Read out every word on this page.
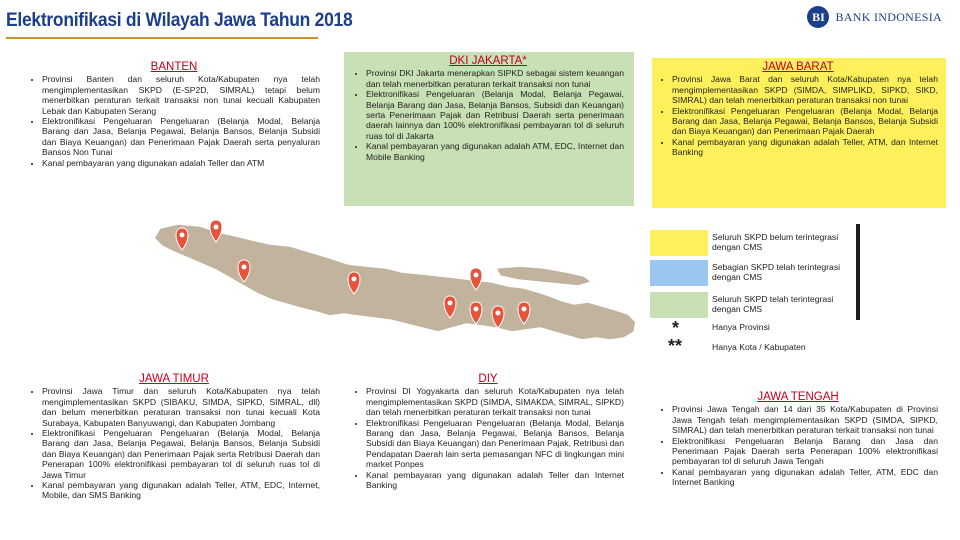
Elektronifikasi di Wilayah Jawa Tahun 2018	BI BANK INDONESIA
BANTEN
• Provinsi Banten dan seluruh Kota/Kabupaten nya telah mengimplementasikan SKPD (E-SP2D, SIMRAL) tetapi belum menerbitkan peraturan terkait transaksi non tunai kecuali Kabupaten Lebak dan Kabupaten Serang
• Elektronifikasi Pengeluaran Pengeluaran (Belanja Modal, Belanja Barang dan Jasa, Belanja Pegawai, Belanja Bansos, Belanja Subsidi dan Biaya Keuangan) dan Penerimaan Pajak Daerah serta penyaluran Bansos Non Tunai
• Kanal pembayaran yang digunakan adalah Teller dan ATM
DKI JAKARTA*
• Provinsi DKI Jakarta menerapkan SIPKD sebagai sistem keuangan dan telah menerbitkan peraturan terkait transaksi non tunai
• Elektronifikasi Pengeluaran (Belanja Modal, Belanja Pegawai, Belanja Barang dan Jasa, Belanja Bansos, Subsidi dan Keuangan) serta Penerimaan Pajak dan Retribusi Daerah serta penerimaan daerah lainnya dan 100% elektronifikasi pembayaran tol di seluruh ruas tol di Jakarta
• Kanal pembayaran yang digunakan adalah ATM, EDC, Internet dan Mobile Banking
JAWA BARAT
• Provinsi Jawa Barat dan seluruh Kota/Kabupaten nya telah mengimplementasikan SKPD (SIMDA, SIMPLIKD, SIPKD, SIKD, SIMRAL) dan telah menerbitkan peraturan transaksi non tunai
• Elektronifikasi Pengeluaran Pengeluaran (Belanja Modal, Belanja Barang dan Jasa, Belanja Pegawai, Belanja Bansos, Belanja Subsidi dan Biaya Keuangan) dan Penerimaan Pajak Daerah
• Kanal pembayaran yang digunakan adalah Teller, ATM, dan Internet Banking
Seluruh SKPD belum terintegrasi dengan CMS
Sebagian SKPD telah terintegrasi dengan CMS
Seluruh SKPD telah terintegrasi dengan CMS
*	Hanya Provinsi
**	Hanya Kota / Kabupaten
JAWA TIMUR
• Provinsi Jawa Timur dan seluruh Kota/Kabupaten nya telah mengimplementasikan SKPD (SIBAKU, SIMDA, SIPKD, SIMRAL, dll) dan belum menerbitkan peraturan transaksi non tunai kecuali Kota Surabaya, Kabupaten Banyuwangi, dan Kabupaten Jombang
• Elektronifikasi Pengeluaran Pengeluaran (Belanja Modal, Belanja Barang dan Jasa, Belanja Pegawai, Belanja Bansos, Belanja Subsidi dan Biaya Keuangan) dan Penerimaan Pajak serta Retribusi Daerah dan Penerapan 100% elektronifikasi pembayaran tol di seluruh ruas tol di Jawa Timur
• Kanal pembayaran yang digunakan adalah Teller, ATM, EDC, Internet, Mobile, dan SMS Banking
DIY
• Provinsi DI Yogyakarta dan seluruh Kota/Kabupaten nya telah mengimplementasikan SKPD (SIMDA, SIMAKDA, SIMRAL, SIPKD) dan telah menerbitkan peraturan terkait transaksi non tunai
• Elektronifikasi Pengeluaran Pengeluaran (Belanja Modal, Belanja Barang dan Jasa, Belanja Pegawai, Belanja Bansos, Belanja Subsidi dan Biaya Keuangan) dan Penerimaan Pajak, Retribusi dan Pendapatan Daerah lain serta pemasangan NFC di lingkungan mini market Ponpes
• Kanal pembayaran yang digunakan adalah Teller dan Internet Banking
JAWA TENGAH
• Provinsi Jawa Tengah dan 14 dari 35 Kota/Kabupaten di Provinsi Jawa Tengah telah mengimplementasikan SKPD (SIMDA, SIPKD, SIMRAL) dan telah menerbitkan peraturan terkait transaksi non tunai
• Elektronifikasi Pengeluaran Belanja Barang dan Jasa dan Penerimaan Pajak Daerah serta Penerapan 100% elektronifikasi pembayaran tol di seluruh Jawa Tengah
• Kanal pembayaran yang digunakan adalah Teller, ATM, EDC dan Internet Banking
